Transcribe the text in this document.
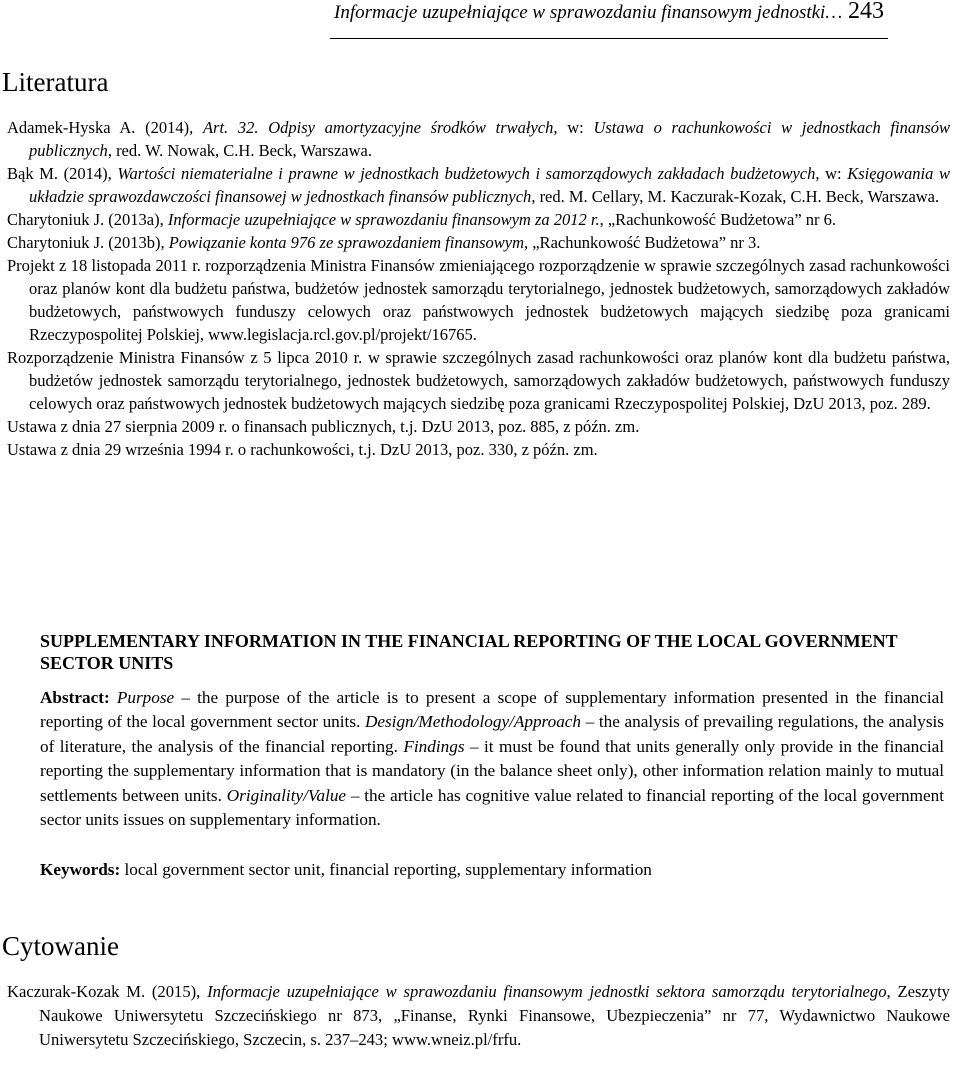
Informacje uzupełniające w sprawozdaniu finansowym jednostki… 243
Literatura

Adamek-Hyska A. (2014), Art. 32. Odpisy amortyzacyjne środków trwałych, w: Ustawa o rachunkowości w jednostkach finansów publicznych, red. W. Nowak, C.H. Beck, Warszawa.

Bąk M. (2014), Wartości niematerialne i prawne w jednostkach budżetowych i samorządowych zakładach budżetowych, w: Księgowania w układzie sprawozdawczości finansowej w jednostkach finansów publicznych, red. M. Cellary, M. Kaczurak-Kozak, C.H. Beck, Warszawa.

Charytoniuk J. (2013a), Informacje uzupełniające w sprawozdaniu finansowym za 2012 r., „Rachunkowość Budżetowa” nr 6.

Charytoniuk J. (2013b), Powiązanie konta 976 ze sprawozdaniem finansowym, „Rachunkowość Budżetowa” nr 3.

Projekt z 18 listopada 2011 r. rozporządzenia Ministra Finansów zmieniającego rozporządzenie w sprawie szczególnych zasad rachunkowości oraz planów kont dla budżetu państwa, budżetów jednostek samorządu terytorialnego, jednostek budżetowych, samorządowych zakładów budżetowych, państwowych funduszy celowych oraz państwowych jednostek budżetowych mających siedzibę poza granicami Rzeczypospolitej Polskiej, www.legislacja.rcl.gov.pl/projekt/16765.

Rozporządzenie Ministra Finansów z 5 lipca 2010 r. w sprawie szczególnych zasad rachunkowości oraz planów kont dla budżetu państwa, budżetów jednostek samorządu terytorialnego, jednostek budżetowych, samorządowych zakładów budżetowych, państwowych funduszy celowych oraz państwowych jednostek budżetowych mających siedzibę poza granicami Rzeczypospolitej Polskiej, DzU 2013, poz. 289.

Ustawa z dnia 27 sierpnia 2009 r. o finansach publicznych, t.j. DzU 2013, poz. 885, z późn. zm.

Ustawa z dnia 29 września 1994 r. o rachunkowości, t.j. DzU 2013, poz. 330, z późn. zm.

SUPPLEMENTARY INFORMATION IN THE FINANCIAL REPORTING OF THE LOCAL GOVERNMENT SECTOR UNITS

Abstract: Purpose – the purpose of the article is to present a scope of supplementary information presented in the financial reporting of the local government sector units. Design/Methodology/Approach – the analysis of prevailing regulations, the analysis of literature, the analysis of the financial reporting. Findings – it must be found that units generally only provide in the financial reporting the supplementary information that is mandatory (in the balance sheet only), other information relation mainly to mutual settlements between units. Originality/Value – the article has cognitive value related to financial reporting of the local government sector units issues on supplementary information.
Keywords: local government sector unit, financial reporting, supplementary information
Cytowanie

Kaczurak-Kozak M. (2015), Informacje uzupełniające w sprawozdaniu finansowym jednostki sektora samorządu terytorialnego, Zeszyty Naukowe Uniwersytetu Szczecińskiego nr 873, „Finanse, Rynki Finansowe, Ubezpieczenia” nr 77, Wydawnictwo Naukowe Uniwersytetu Szczecińskiego, Szczecin, s. 237–243; www.wneiz.pl/frfu.
